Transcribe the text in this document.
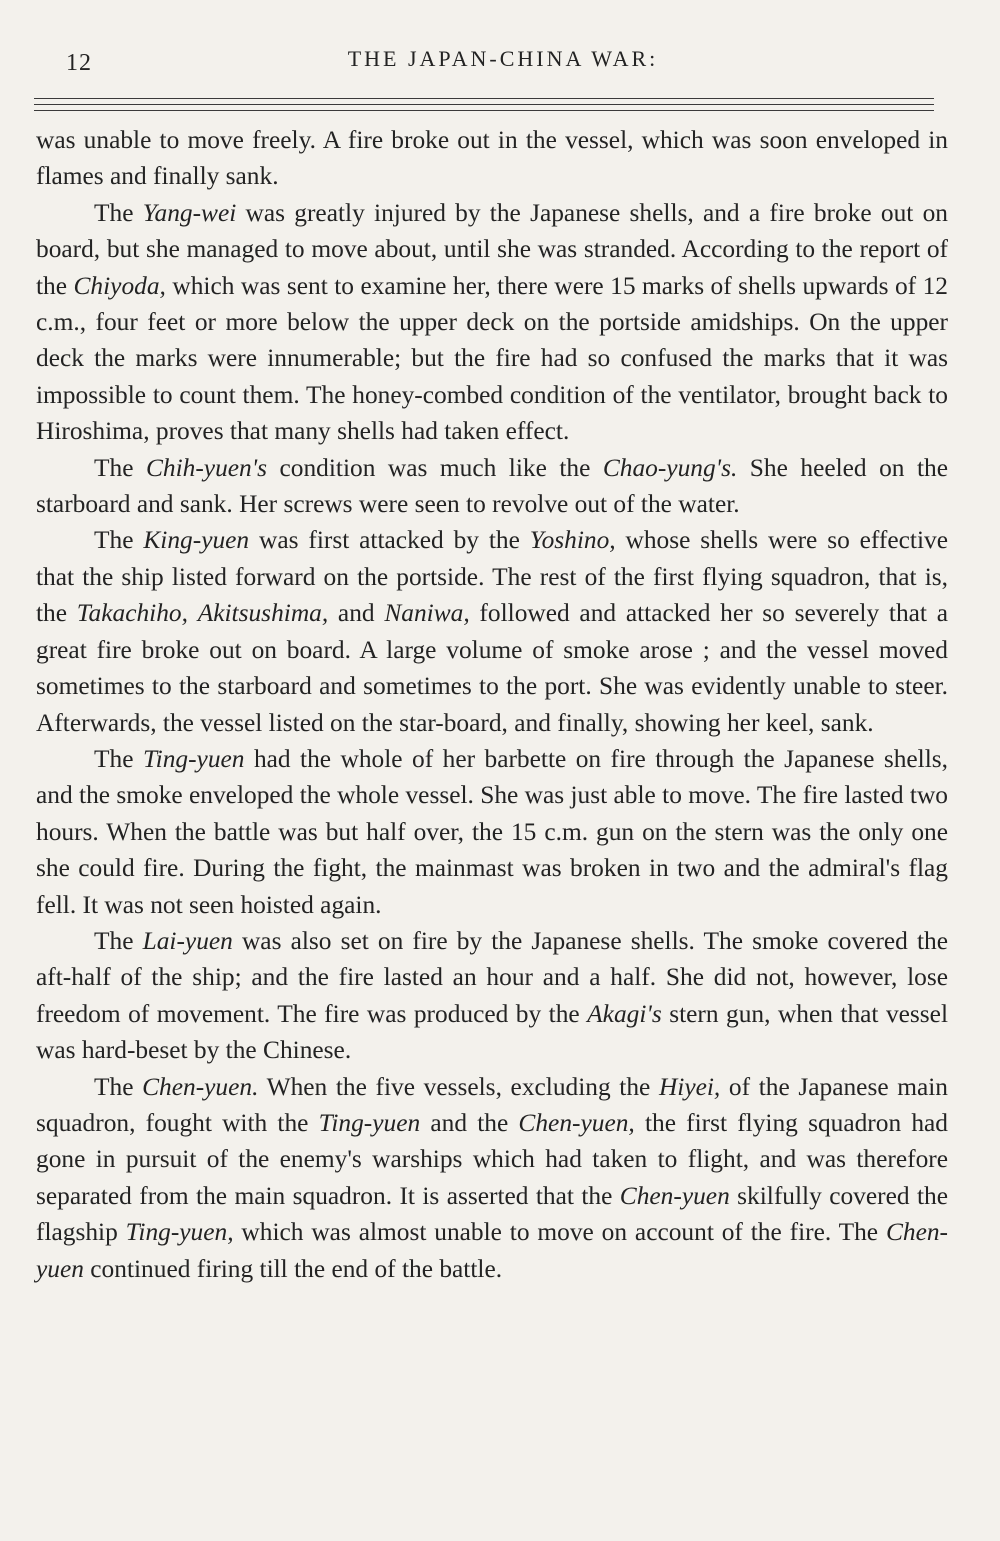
12	THE JAPAN-CHINA WAR:

was unable to move freely. A fire broke out in the vessel, which was soon enveloped in flames and finally sank.

The Yang-wei was greatly injured by the Japanese shells, and a fire broke out on board, but she managed to move about, until she was stranded. According to the report of the Chiyoda, which was sent to examine her, there were 15 marks of shells upwards of 12 c.m., four feet or more below the upper deck on the portside amidships. On the upper deck the marks were innumerable; but the fire had so confused the marks that it was impossible to count them. The honey-combed condition of the ventilator, brought back to Hiroshima, proves that many shells had taken effect.

The Chih-yuen's condition was much like the Chao-yung's. She heeled on the starboard and sank. Her screws were seen to revolve out of the water.

The King-yuen was first attacked by the Yoshino, whose shells were so effective that the ship listed forward on the portside. The rest of the first flying squadron, that is, the Takachiho, Akitsushima, and Naniwa, followed and attacked her so severely that a great fire broke out on board. A large volume of smoke arose ; and the vessel moved sometimes to the starboard and sometimes to the port. She was evidently unable to steer. Afterwards, the vessel listed on the star-board, and finally, showing her keel, sank.

The Ting-yuen had the whole of her barbette on fire through the Japanese shells, and the smoke enveloped the whole vessel. She was just able to move. The fire lasted two hours. When the battle was but half over, the 15 c.m. gun on the stern was the only one she could fire. During the fight, the mainmast was broken in two and the admiral's flag fell. It was not seen hoisted again.

The Lai-yuen was also set on fire by the Japanese shells. The smoke covered the aft-half of the ship; and the fire lasted an hour and a half. She did not, however, lose freedom of movement. The fire was produced by the Akagi's stern gun, when that vessel was hard-beset by the Chinese.

The Chen-yuen. When the five vessels, excluding the Hiyei, of the Japanese main squadron, fought with the Ting-yuen and the Chen-yuen, the first flying squadron had gone in pursuit of the enemy's warships which had taken to flight, and was therefore separated from the main squadron. It is asserted that the Chen-yuen skilfully covered the flagship Ting-yuen, which was almost unable to move on account of the fire. The Chen-yuen continued firing till the end of the battle.
